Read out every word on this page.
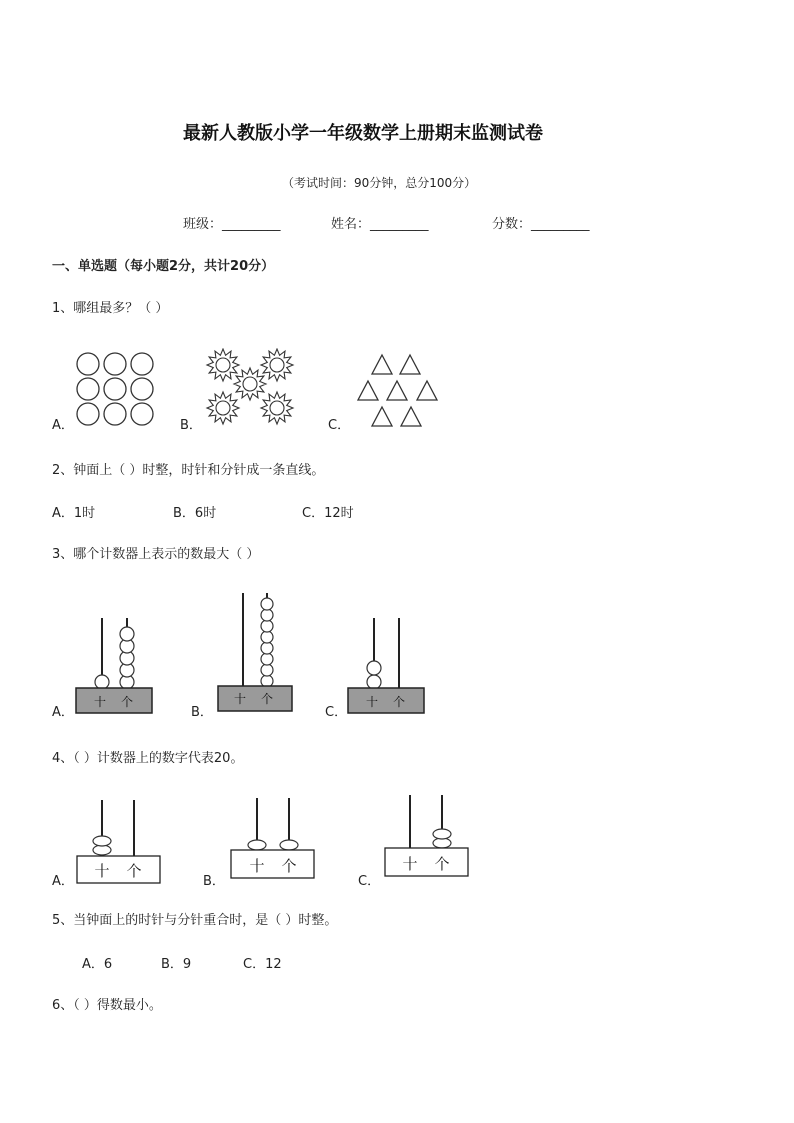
最新人教版小学一年级数学上册期末监测试卷
（考试时间：90分钟，总分100分）
班级：_________	姓名：_________	分数：_________
一、单选题（每小题2分，共计20分）
1、哪组最多？（ ）
A．	B．	C．
2、钟面上（ ）时整，时针和分针成一条直线。
A．1时	B．6时	C．12时
3、哪个计数器上表示的数最大（ ）
A．	B．	C．
十 个	十 个	十 个
4、（ ）计数器上的数字代表20。
A．	B．	C．
十 个	十 个	十 个
5、当钟面上的时针与分针重合时，是（ ）时整。
A．6	B．9	C．12
6、（ ）得数最小。
